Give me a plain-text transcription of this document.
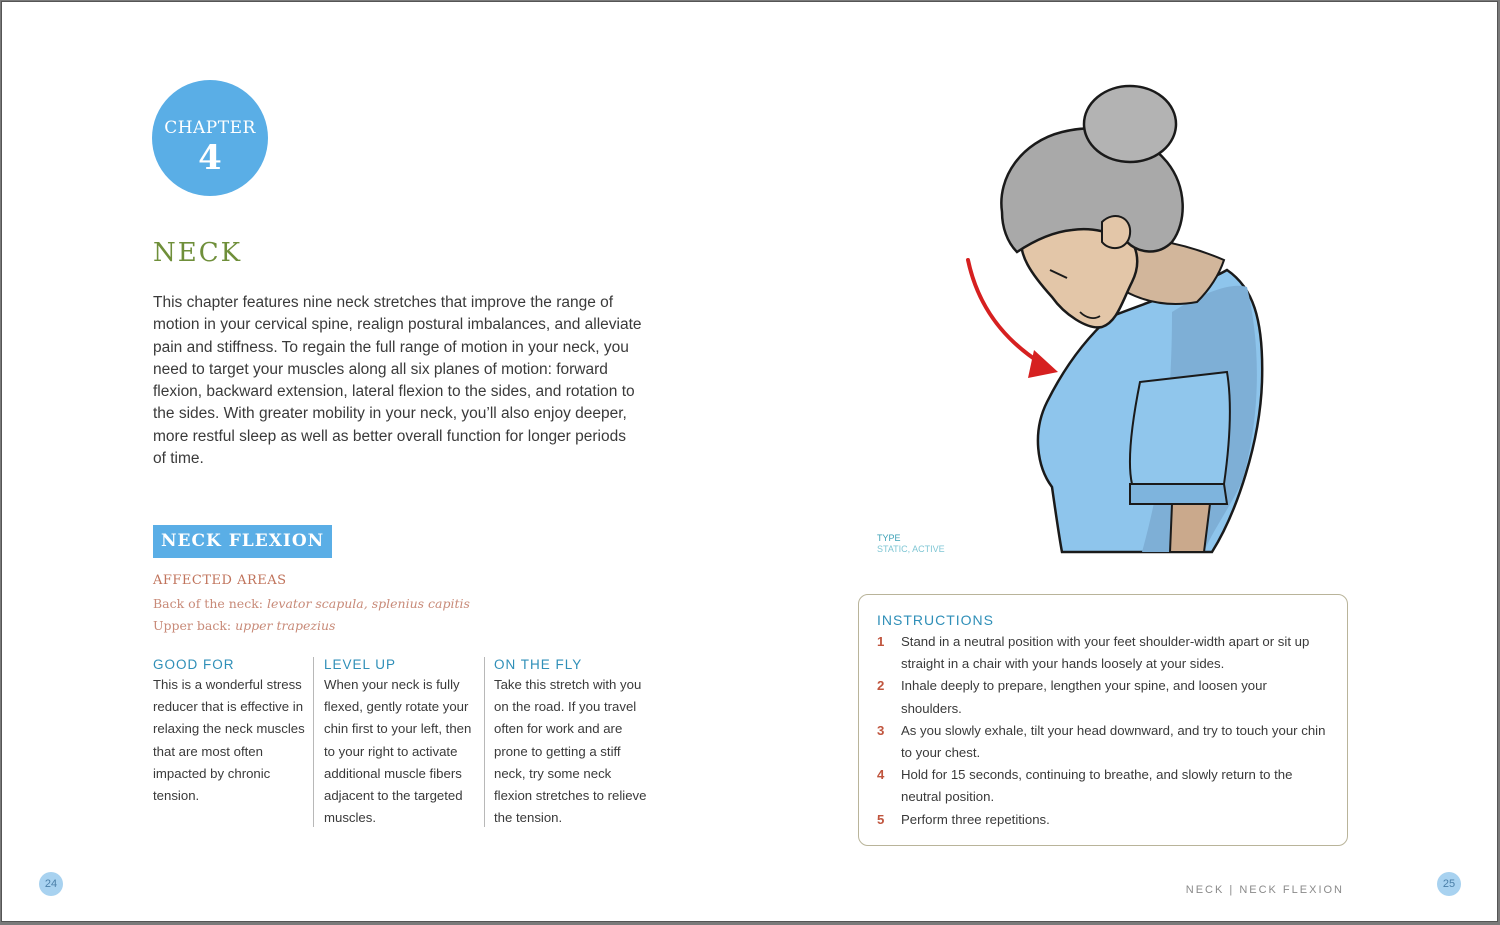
CHAPTER
4
NECK

This chapter features nine neck stretches that improve the range of motion in your cervical spine, realign postural imbalances, and alleviate pain and stiffness. To regain the full range of motion in your neck, you need to target your muscles along all six planes of motion: forward flexion, backward extension, lateral flexion to the sides, and rotation to the sides. With greater mobility in your neck, you’ll also enjoy deeper, more restful sleep as well as better overall function for longer periods of time.

NECK FLEXION
AFFECTED AREAS
Back of the neck: levator scapula, splenius capitis
Upper back: upper trapezius
GOOD FOR

This is a wonderful stress reducer that is effective in relaxing the neck muscles that are most often impacted by chronic tension.

LEVEL UP

When your neck is fully flexed, gently rotate your chin first to your left, then to your right to activate additional muscle fibers adjacent to the targeted muscles.

ON THE FLY

Take this stretch with you on the road. If you travel often for work and are prone to getting a stiff neck, try some neck flexion stretches to relieve the tension.

TYPE
STATIC, ACTIVE
INSTRUCTIONS
1	Stand in a neutral position with your feet shoulder-width apart or sit up straight in a chair with your hands loosely at your sides.
2	Inhale deeply to prepare, lengthen your spine, and loosen your shoulders.
3	As you slowly exhale, tilt your head downward, and try to touch your chin to your chest.
4	Hold for 15 seconds, continuing to breathe, and slowly return to the neutral position.
5	Perform three repetitions.
24	NECK | NECK FLEXION	25
